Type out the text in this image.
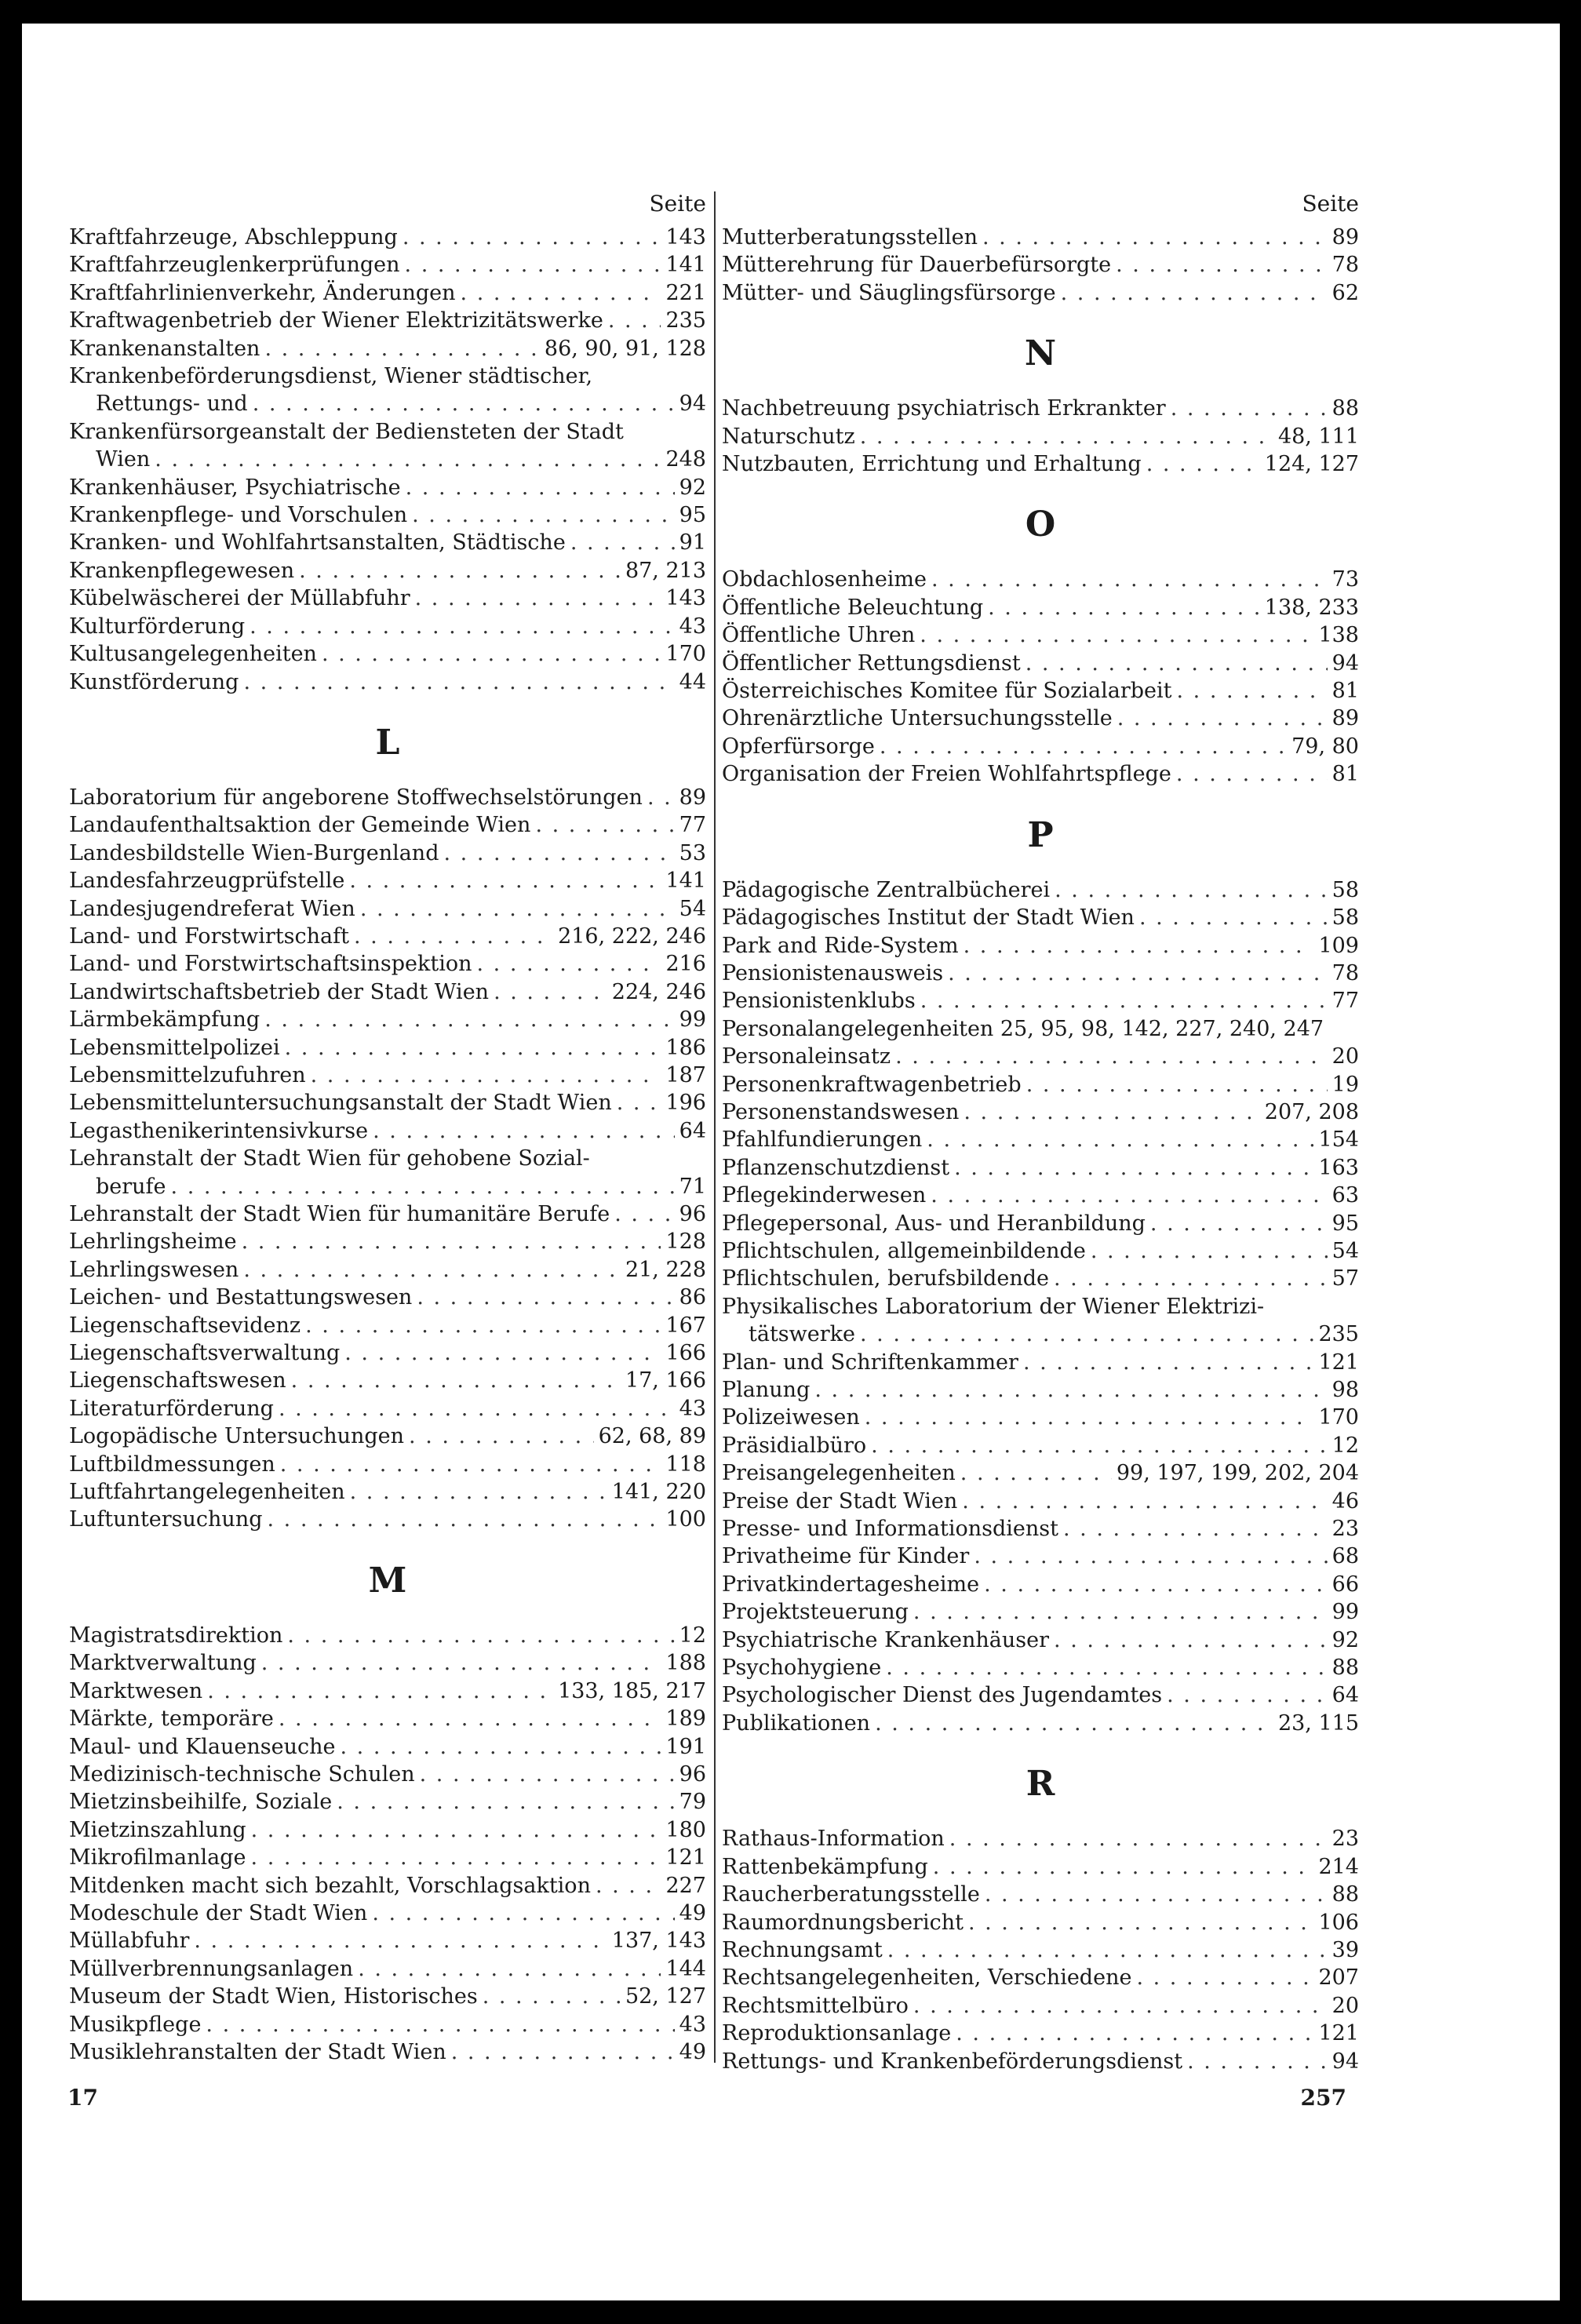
Seite
Kraftfahrzeuge, Abschleppung . . .	143
Kraftfahrzeuglenkerprüfungen . . .	141
Kraftfahrlinienverkehr, Änderungen . . .	221
Kraftwagenbetrieb der Wiener Elektrizitätswerke . . .	235
Krankenanstalten . . .	86, 90, 91, 128
Krankenbeförderungsdienst, Wiener städtischer,
Rettungs- und . . .	94
Krankenfürsorgeanstalt der Bediensteten der Stadt
Wien . . .	248
Krankenhäuser, Psychiatrische . . .	92
Krankenpflege- und Vorschulen . . .	95
Kranken- und Wohlfahrtsanstalten, Städtische . . .	91
Krankenpflegewesen . . .	87, 213
Kübelwäscherei der Müllabfuhr . . .	143
Kulturförderung . . .	43
Kultusangelegenheiten . . .	170
Kunstförderung . . .	44
L
Laboratorium für angeborene Stoffwechselstörungen . . . 89
Landaufenthaltsaktion der Gemeinde Wien . . .	77
Landesbildstelle Wien-Burgenland . . .	53
Landesfahrzeugprüfstelle . . .	141
Landesjugendreferat Wien . . .	54
Land- und Forstwirtschaft . . .	216, 222, 246
Land- und Forstwirtschaftsinspektion . . .	216
Landwirtschaftsbetrieb der Stadt Wien . . .	224, 246
Lärmbekämpfung . . .	99
Lebensmittelpolizei . . .	186
Lebensmittelzufuhren . . .	187
Lebensmitteluntersuchungsanstalt der Stadt Wien . . .	196
Legasthenikerintensivkurse . . .	64
Lehranstalt der Stadt Wien für gehobene Sozial-
berufe . . .	71
Lehranstalt der Stadt Wien für humanitäre Berufe . . .	96
Lehrlingsheime . . .	128
Lehrlingswesen . . .	21, 228
Leichen- und Bestattungswesen . . .	86
Liegenschaftsevidenz . . .	167
Liegenschaftsverwaltung . . .	166
Liegenschaftswesen . . .	17, 166
Literaturförderung . . .	43
Logopädische Untersuchungen . . .	62, 68, 89
Luftbildmessungen . . .	118
Luftfahrtangelegenheiten . . .	141, 220
Luftuntersuchung . . .	100
M
Magistratsdirektion . . .	12
Marktverwaltung . . .	188
Marktwesen . . .	133, 185, 217
Märkte, temporäre . . .	189
Maul- und Klauenseuche . . .	191
Medizinisch-technische Schulen . . .	96
Mietzinsbeihilfe, Soziale . . .	79
Mietzinszahlung . . .	180
Mikrofilmanlage . . .	121
Mitdenken macht sich bezahlt, Vorschlagsaktion . . .	227
Modeschule der Stadt Wien . . .	49
Müllabfuhr . . .	137, 143
Müllverbrennungsanlagen . . .	144
Museum der Stadt Wien, Historisches . . .	52, 127
Musikpflege . . .	43
Musiklehranstalten der Stadt Wien . . .	49
Seite
Mutterberatungsstellen . . .	89
Mütterehrung für Dauerbefürsorgte . . .	78
Mütter- und Säuglingsfürsorge . . .	62
N
Nachbetreuung psychiatrisch Erkrankter . . .	88
Naturschutz . . .	48, 111
Nutzbauten, Errichtung und Erhaltung . . .	124, 127
O
Obdachlosenheime . . .	73
Öffentliche Beleuchtung . . .	138, 233
Öffentliche Uhren . . .	138
Öffentlicher Rettungsdienst . . .	94
Österreichisches Komitee für Sozialarbeit . . .	81
Ohrenärztliche Untersuchungsstelle . . .	89
Opferfürsorge . . .	79, 80
Organisation der Freien Wohlfahrtspflege . . .	81
P
Pädagogische Zentralbücherei . . .	58
Pädagogisches Institut der Stadt Wien . . .	58
Park and Ride-System . . .	109
Pensionistenausweis . . .	78
Pensionistenklubs . . .	77
Personalangelegenheiten 25, 95, 98, 142, 227, 240, 247
Personaleinsatz . . .	20
Personenkraftwagenbetrieb . . .	19
Personenstandswesen . . .	207, 208
Pfahlfundierungen . . .	154
Pflanzenschutzdienst . . .	163
Pflegekinderwesen . . .	63
Pflegepersonal, Aus- und Heranbildung . . .	95
Pflichtschulen, allgemeinbildende . . .	54
Pflichtschulen, berufsbildende . . .	57
Physikalisches Laboratorium der Wiener Elektrizi-
tätswerke . . .	235
Plan- und Schriftenkammer . . .	121
Planung . . .	98
Polizeiwesen . . .	170
Präsidialbüro . . .	12
Preisangelegenheiten . . .	99, 197, 199, 202, 204
Preise der Stadt Wien . . .	46
Presse- und Informationsdienst . . .	23
Privatheime für Kinder . . .	68
Privatkindertagesheime . . .	66
Projektsteuerung . . .	99
Psychiatrische Krankenhäuser . . .	92
Psychohygiene . . .	88
Psychologischer Dienst des Jugendamtes . . .	64
Publikationen . . .	23, 115
R
Rathaus-Information . . .	23
Rattenbekämpfung . . .	214
Raucherberatungsstelle . . .	88
Raumordnungsbericht . . .	106
Rechnungsamt . . .	39
Rechtsangelegenheiten, Verschiedene . . .	207
Rechtsmittelbüro . . .	20
Reproduktionsanlage . . .	121
Rettungs- und Krankenbeförderungsdienst . . .	94
17	257
